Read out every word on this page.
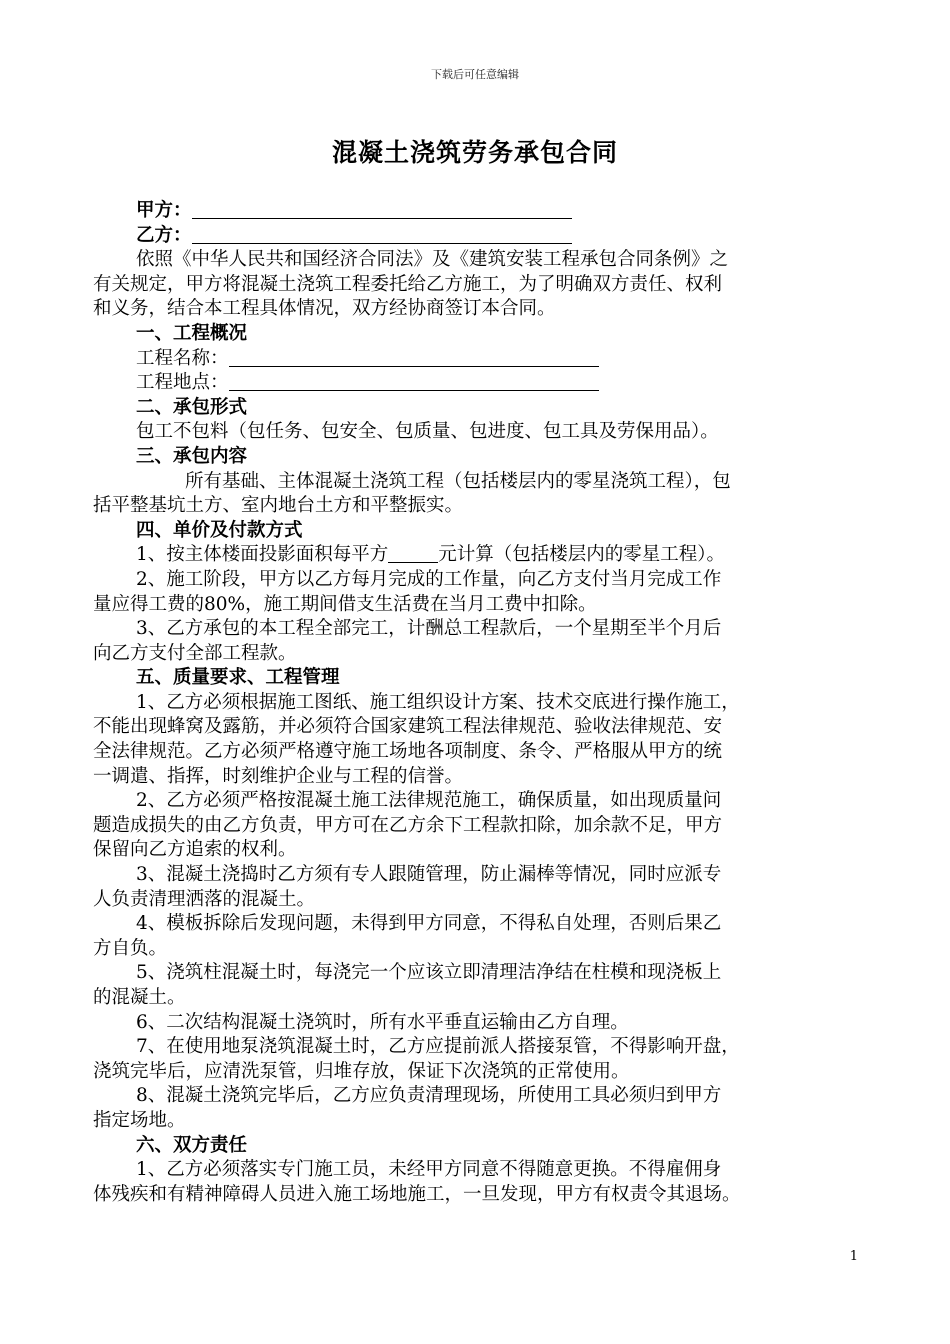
下载后可任意编辑
混凝土浇筑劳务承包合同
甲方：
乙方：
依照《中华人民共和国经济合同法》及《建筑安装工程承包合同条例》之
有关规定，甲方将混凝土浇筑工程委托给乙方施工，为了明确双方责任、权利
和义务，结合本工程具体情况，双方经协商签订本合同。
一、工程概况
工程名称：
工程地点：
二、承包形式
包工不包料（包任务、包安全、包质量、包进度、包工具及劳保用品）。
三、承包内容
所有基础、主体混凝土浇筑工程（包括楼层内的零星浇筑工程），包
括平整基坑土方、室内地台土方和平整振实。
四、单价及付款方式
1、按主体楼面投影面积每平方	元计算（包括楼层内的零星工程）。
2、施工阶段，甲方以乙方每月完成的工作量，向乙方支付当月完成工作
量应得工费的80%，施工期间借支生活费在当月工费中扣除。
3、乙方承包的本工程全部完工，计酬总工程款后，一个星期至半个月后
向乙方支付全部工程款。
五、质量要求、工程管理
1、乙方必须根据施工图纸、施工组织设计方案、技术交底进行操作施工，
不能出现蜂窝及露筋，并必须符合国家建筑工程法律规范、验收法律规范、安
全法律规范。乙方必须严格遵守施工场地各项制度、条令、严格服从甲方的统
一调遣、指挥，时刻维护企业与工程的信誉。
2、乙方必须严格按混凝土施工法律规范施工，确保质量，如出现质量问
题造成损失的由乙方负责，甲方可在乙方余下工程款扣除，加余款不足，甲方
保留向乙方追索的权利。
3、混凝土浇捣时乙方须有专人跟随管理，防止漏棒等情况，同时应派专
人负责清理洒落的混凝土。
4、模板拆除后发现问题，未得到甲方同意，不得私自处理，否则后果乙
方自负。
5、浇筑柱混凝土时，每浇完一个应该立即清理洁净结在柱模和现浇板上
的混凝土。
6、二次结构混凝土浇筑时，所有水平垂直运输由乙方自理。
7、在使用地泵浇筑混凝土时，乙方应提前派人搭接泵管，不得影响开盘，
浇筑完毕后，应清洗泵管，归堆存放，保证下次浇筑的正常使用。
8、混凝土浇筑完毕后，乙方应负责清理现场，所使用工具必须归到甲方
指定场地。
六、双方责任
1、乙方必须落实专门施工员，未经甲方同意不得随意更换。不得雇佣身
体残疾和有精神障碍人员进入施工场地施工，一旦发现，甲方有权责令其退场。
1
